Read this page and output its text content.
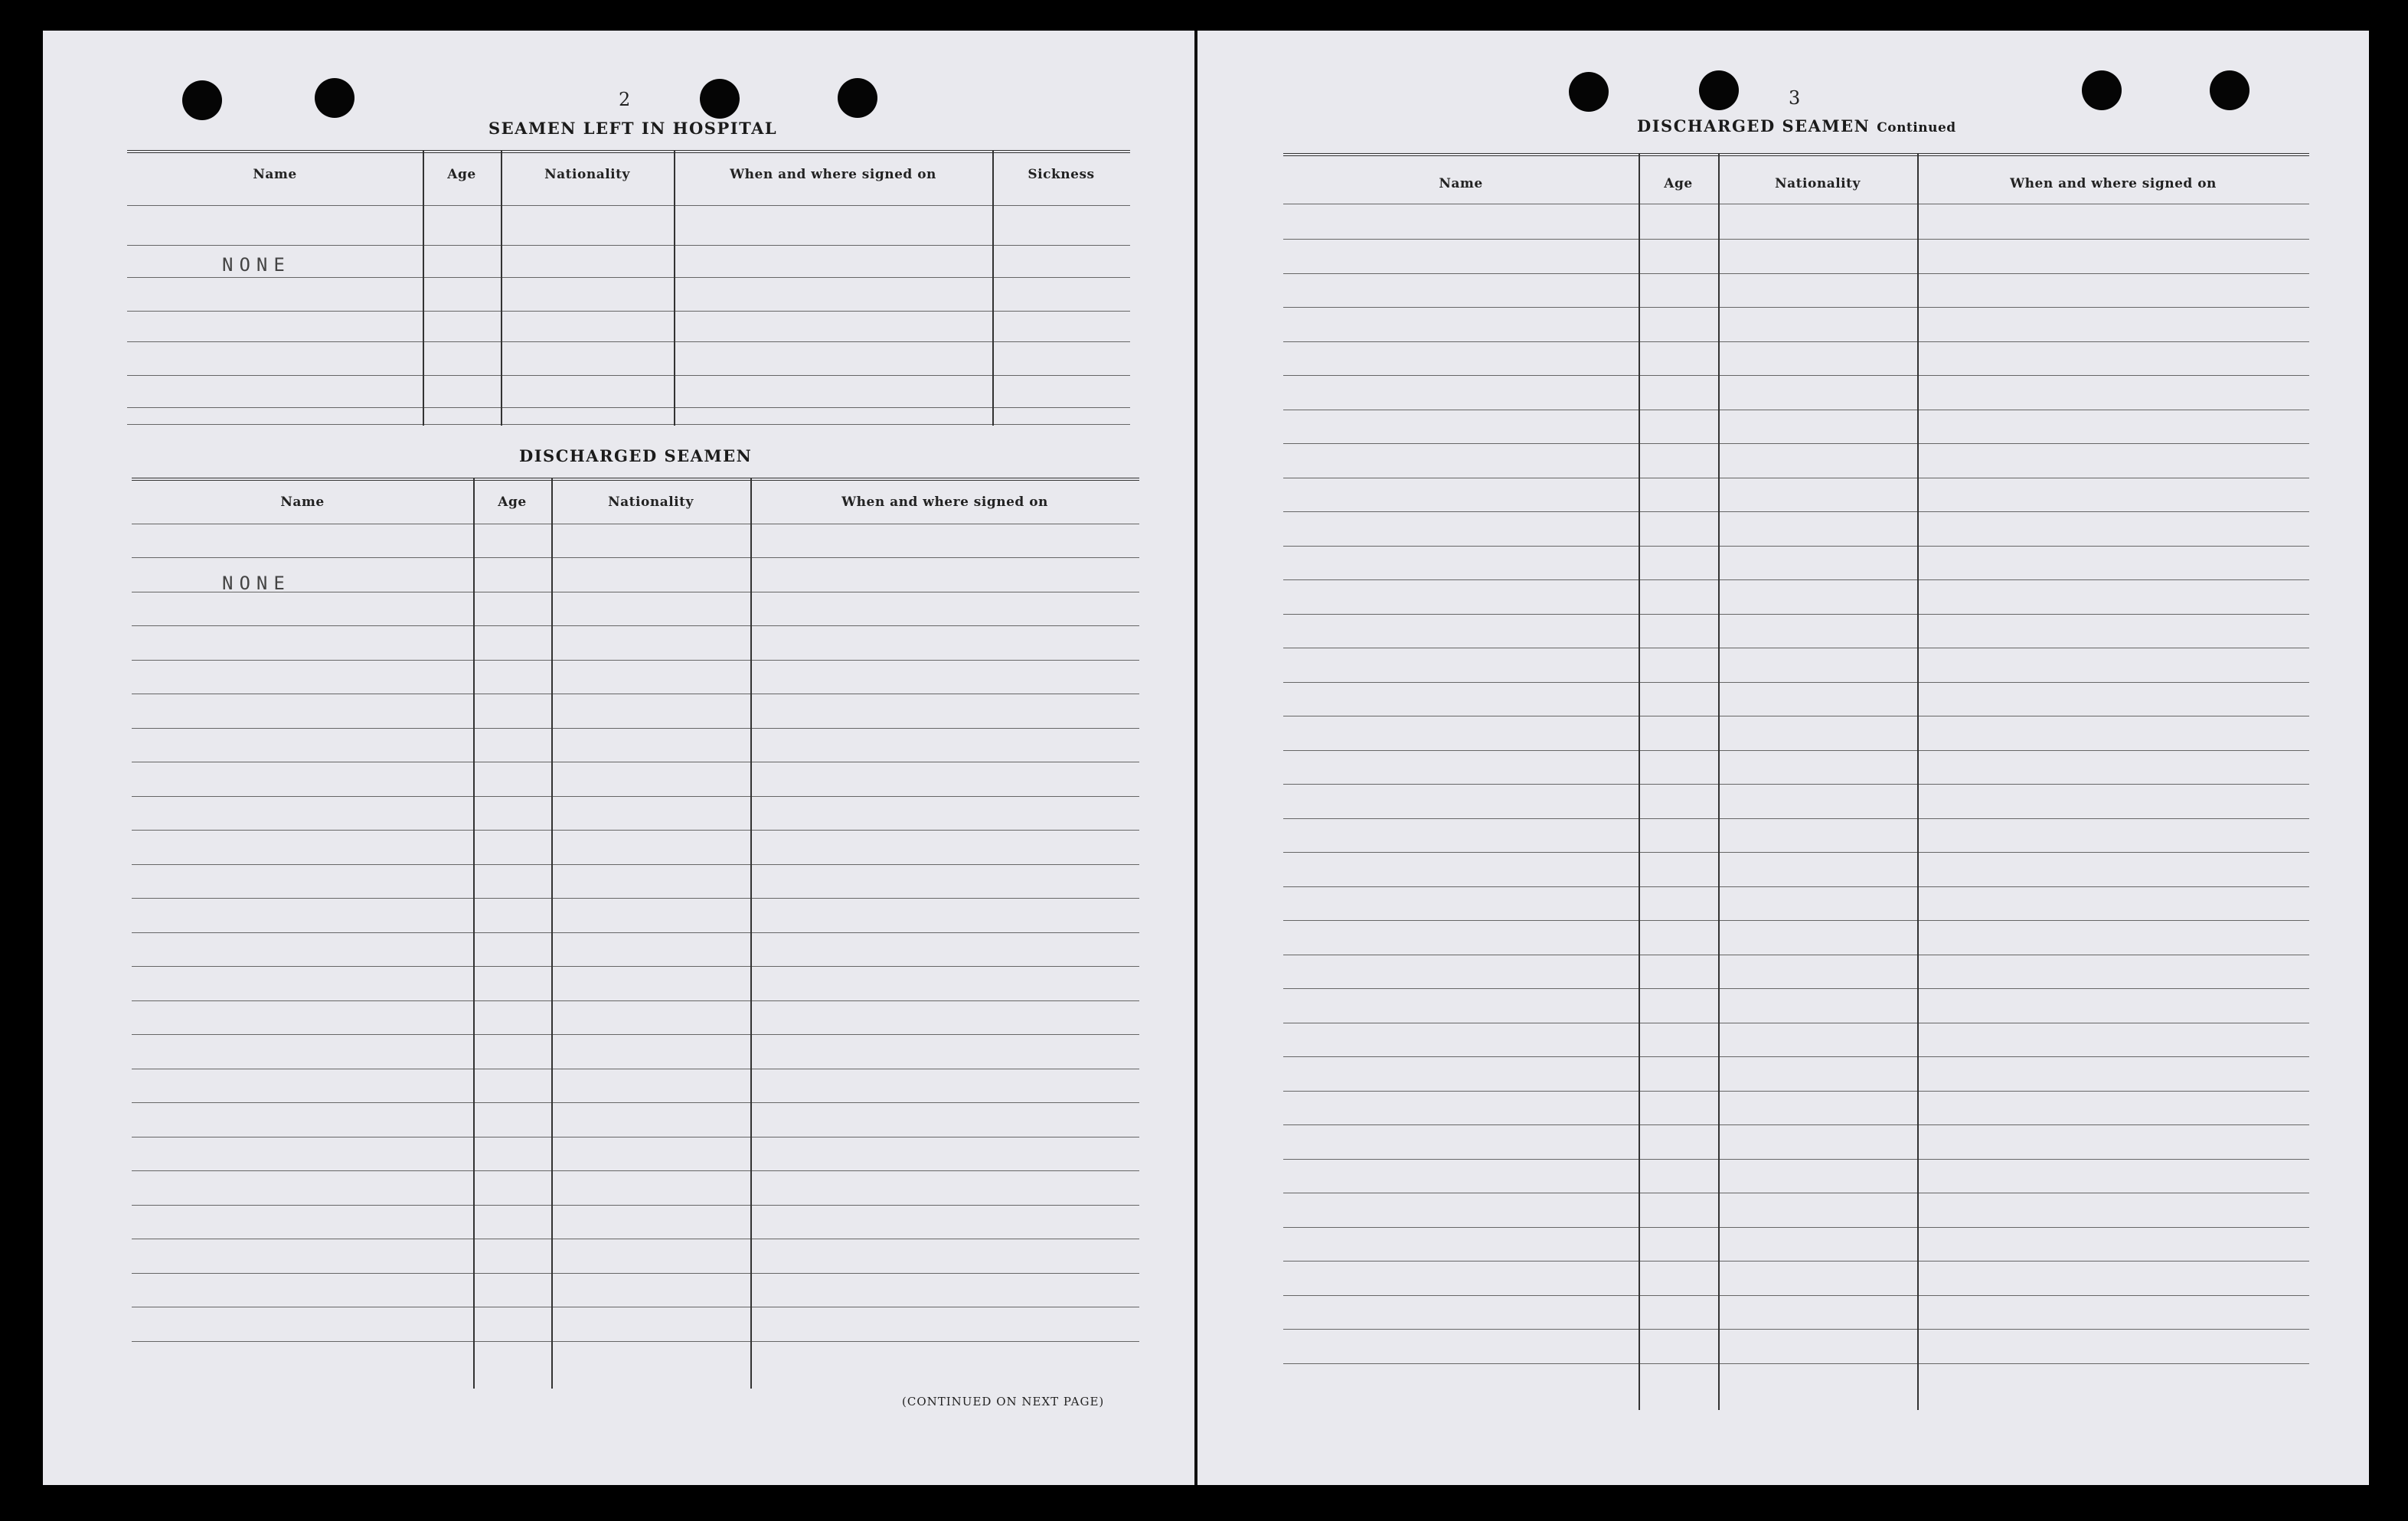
2
SEAMEN LEFT IN HOSPITAL
Name	Age	Nationality	When and where signed on	Sickness
NONE
DISCHARGED SEAMEN
Name	Age	Nationality	When and where signed on
NONE
(CONTINUED ON NEXT PAGE)
3
DISCHARGED SEAMEN Continued
Name	Age	Nationality	When and where signed on
